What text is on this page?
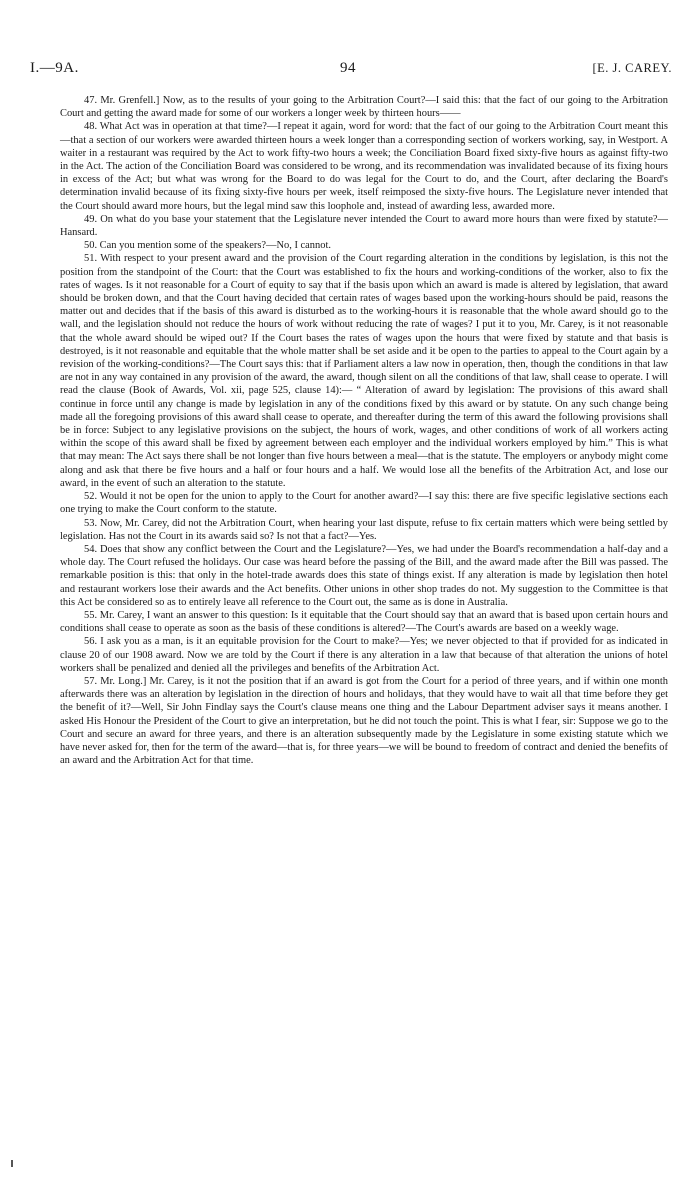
I.—9A.	94	[E. J. CAREY.

47. Mr. Grenfell.] Now, as to the results of your going to the Arbitration Court?—I said this: that the fact of our going to the Arbitration Court and getting the award made for some of our workers a longer week by thirteen hours——

48. What Act was in operation at that time?—I repeat it again, word for word: that the fact of our going to the Arbitration Court meant this—that a section of our workers were awarded thirteen hours a week longer than a corresponding section of workers working, say, in Westport. A waiter in a restaurant was required by the Act to work fifty-two hours a week; the Conciliation Board fixed sixty-five hours as against fifty-two in the Act. The action of the Conciliation Board was considered to be wrong, and its recommendation was invalidated because of its fixing hours in excess of the Act; but what was wrong for the Board to do was legal for the Court to do, and the Court, after declaring the Board's determination invalid because of its fixing sixty-five hours per week, itself reimposed the sixty-five hours. The Legislature never intended that the Court should award more hours, but the legal mind saw this loophole and, instead of awarding less, awarded more.

49. On what do you base your statement that the Legislature never intended the Court to award more hours than were fixed by statute?—Hansard.

50. Can you mention some of the speakers?—No, I cannot.

51. With respect to your present award and the provision of the Court regarding alteration in the conditions by legislation, is this not the position from the standpoint of the Court: that the Court was established to fix the hours and working-conditions of the worker, also to fix the rates of wages. Is it not reasonable for a Court of equity to say that if the basis upon which an award is made is altered by legislation, that award should be broken down, and that the Court having decided that certain rates of wages based upon the working-hours should be paid, reasons the matter out and decides that if the basis of this award is disturbed as to the working-hours it is reasonable that the whole award should go to the wall, and the legislation should not reduce the hours of work without reducing the rate of wages? I put it to you, Mr. Carey, is it not reasonable that the whole award should be wiped out? If the Court bases the rates of wages upon the hours that were fixed by statute and that basis is destroyed, is it not reasonable and equitable that the whole matter shall be set aside and it be open to the parties to appeal to the Court again by a revision of the working-conditions?—The Court says this: that if Parliament alters a law now in operation, then, though the conditions in that law are not in any way contained in any provision of the award, the award, though silent on all the conditions of that law, shall cease to operate. I will read the clause (Book of Awards, Vol. xii, page 525, clause 14):— “ Alteration of award by legislation: The provisions of this award shall continue in force until any change is made by legislation in any of the conditions fixed by this award or by statute. On any such change being made all the foregoing provisions of this award shall cease to operate, and thereafter during the term of this award the following provisions shall be in force: Subject to any legislative provisions on the subject, the hours of work, wages, and other conditions of work of all workers acting within the scope of this award shall be fixed by agreement between each employer and the individual workers employed by him.” This is what that may mean: The Act says there shall be not longer than five hours between a meal—that is the statute. The employers or anybody might come along and ask that there be five hours and a half or four hours and a half. We would lose all the benefits of the Arbitration Act, and lose our award, in the event of such an alteration to the statute.

52. Would it not be open for the union to apply to the Court for another award?—I say this: there are five specific legislative sections each one trying to make the Court conform to the statute.

53. Now, Mr. Carey, did not the Arbitration Court, when hearing your last dispute, refuse to fix certain matters which were being settled by legislation. Has not the Court in its awards said so? Is not that a fact?—Yes.

54. Does that show any conflict between the Court and the Legislature?—Yes, we had under the Board's recommendation a half-day and a whole day. The Court refused the holidays. Our case was heard before the passing of the Bill, and the award made after the Bill was passed. The remarkable position is this: that only in the hotel-trade awards does this state of things exist. If any alteration is made by legislation then hotel and restaurant workers lose their awards and the Act benefits. Other unions in other shop trades do not. My suggestion to the Committee is that this Act be considered so as to entirely leave all reference to the Court out, the same as is done in Australia.

55. Mr. Carey, I want an answer to this question: Is it equitable that the Court should say that an award that is based upon certain hours and conditions shall cease to operate as soon as the basis of these conditions is altered?—The Court's awards are based on a weekly wage.

56. I ask you as a man, is it an equitable provision for the Court to make?—Yes; we never objected to that if provided for as indicated in clause 20 of our 1908 award. Now we are told by the Court if there is any alteration in a law that because of that alteration the unions of hotel workers shall be penalized and denied all the privileges and benefits of the Arbitration Act.

57. Mr. Long.] Mr. Carey, is it not the position that if an award is got from the Court for a period of three years, and if within one month afterwards there was an alteration by legislation in the direction of hours and holidays, that they would have to wait all that time before they get the benefit of it?—Well, Sir John Findlay says the Court's clause means one thing and the Labour Department adviser says it means another. I asked His Honour the President of the Court to give an interpretation, but he did not touch the point. This is what I fear, sir: Suppose we go to the Court and secure an award for three years, and there is an alteration subsequently made by the Legislature in some existing statute which we have never asked for, then for the term of the award—that is, for three years—we will be bound to freedom of contract and denied the benefits of an award and the Arbitration Act for that time.
